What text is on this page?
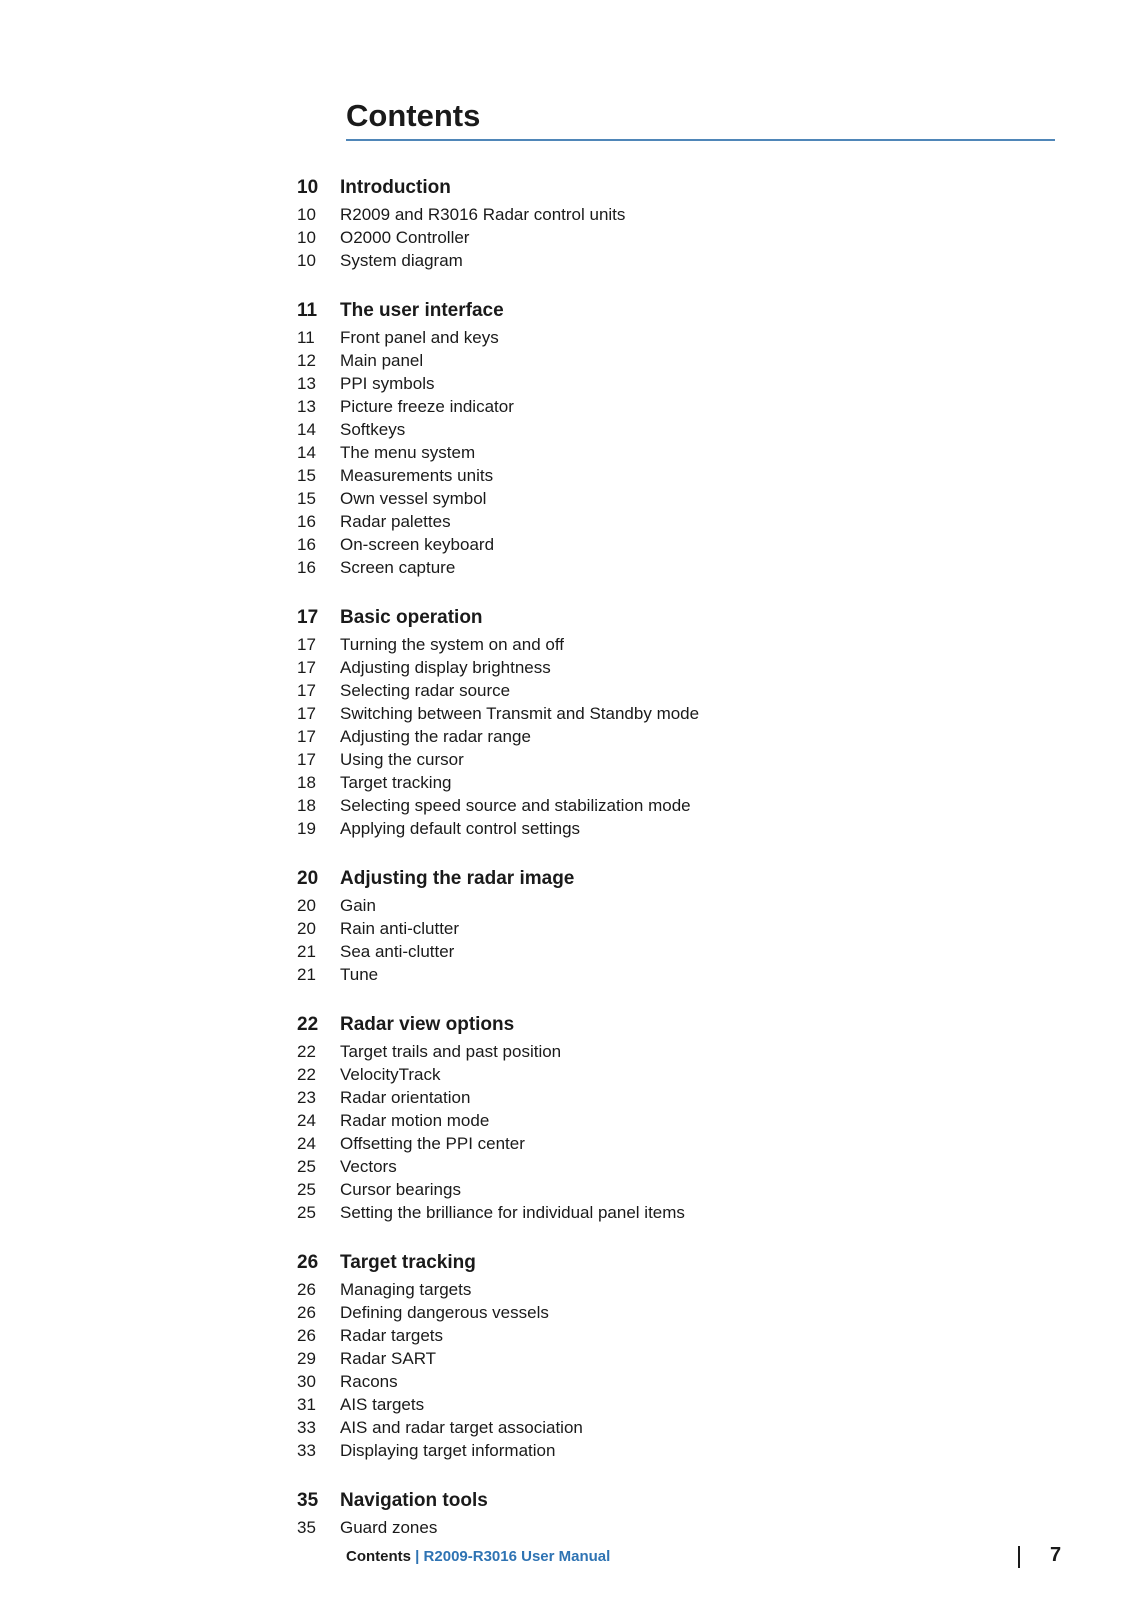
Contents
10	Introduction
10	R2009 and R3016 Radar control units
10	O2000 Controller
10	System diagram
11	The user interface
11	Front panel and keys
12	Main panel
13	PPI symbols
13	Picture freeze indicator
14	Softkeys
14	The menu system
15	Measurements units
15	Own vessel symbol
16	Radar palettes
16	On-screen keyboard
16	Screen capture
17	Basic operation
17	Turning the system on and off
17	Adjusting display brightness
17	Selecting radar source
17	Switching between Transmit and Standby mode
17	Adjusting the radar range
17	Using the cursor
18	Target tracking
18	Selecting speed source and stabilization mode
19	Applying default control settings
20	Adjusting the radar image
20	Gain
20	Rain anti-clutter
21	Sea anti-clutter
21	Tune
22	Radar view options
22	Target trails and past position
22	VelocityTrack
23	Radar orientation
24	Radar motion mode
24	Offsetting the PPI center
25	Vectors
25	Cursor bearings
25	Setting the brilliance for individual panel items
26	Target tracking
26	Managing targets
26	Defining dangerous vessels
26	Radar targets
29	Radar SART
30	Racons
31	AIS targets
33	AIS and radar target association
33	Displaying target information
35	Navigation tools
35	Guard zones
Contents | R2009-R3016 User Manual	7
